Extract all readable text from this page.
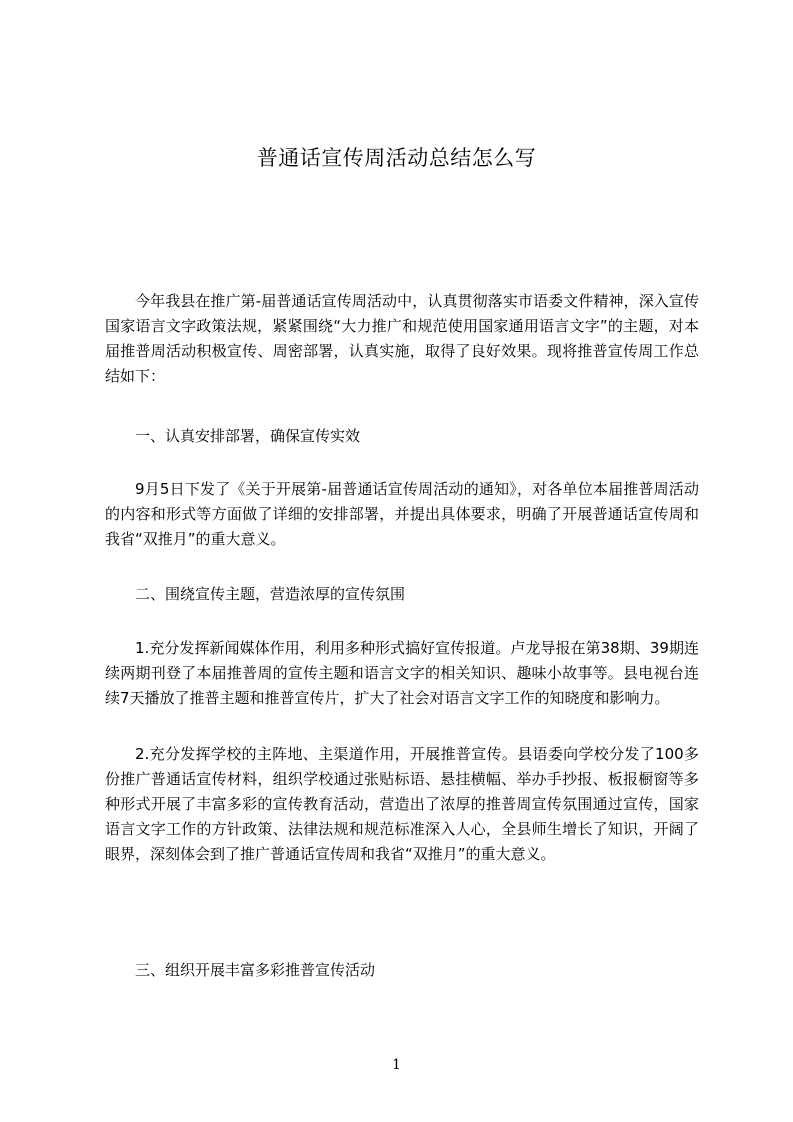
普通话宣传周活动总结怎么写

今年我县在推广第-届普通话宣传周活动中，认真贯彻落实市语委文件精神，深入宣传国家语言文字政策法规，紧紧围绕“大力推广和规范使用国家通用语言文字”的主题，对本届推普周活动积极宣传、周密部署，认真实施，取得了良好效果。现将推普宣传周工作总结如下：

一、认真安排部署，确保宣传实效

9月5日下发了《关于开展第-届普通话宣传周活动的通知》，对各单位本届推普周活动的内容和形式等方面做了详细的安排部署，并提出具体要求，明确了开展普通话宣传周和我省“双推月”的重大意义。

二、围绕宣传主题，营造浓厚的宣传氛围

1.充分发挥新闻媒体作用，利用多种形式搞好宣传报道。卢龙导报在第38期、39期连续两期刊登了本届推普周的宣传主题和语言文字的相关知识、趣味小故事等。县电视台连续7天播放了推普主题和推普宣传片，扩大了社会对语言文字工作的知晓度和影响力。

2.充分发挥学校的主阵地、主渠道作用，开展推普宣传。县语委向学校分发了100多份推广普通话宣传材料，组织学校通过张贴标语、悬挂横幅、举办手抄报、板报橱窗等多种形式开展了丰富多彩的宣传教育活动，营造出了浓厚的推普周宣传氛围通过宣传，国家语言文字工作的方针政策、法律法规和规范标准深入人心，全县师生增长了知识，开阔了眼界，深刻体会到了推广普通话宣传周和我省“双推月”的重大意义。

三、组织开展丰富多彩推普宣传活动

1
